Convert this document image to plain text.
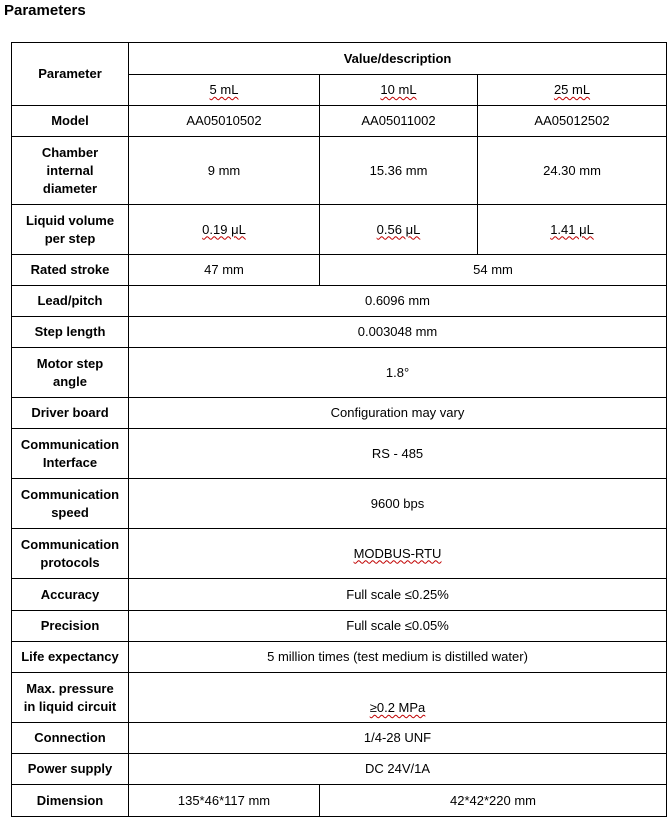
Parameters
Parameter	Value/description		
	5 mL	10 mL	25 mL
Model	AA05010502	AA05011002	AA05012502
Chamber
internal
diameter	9 mm	15.36 mm	24.30 mm
Liquid volume
per step	0.19 μL	0.56 μL	1.41 μL
Rated stroke	47 mm	54 mm	
Lead/pitch	0.6096 mm		
Step length	0.003048 mm		
Motor step
angle	1.8°		
Driver board	Configuration may vary		
Communication
Interface	RS - 485		
Communication
speed	9600 bps		
Communication
protocols	MODBUS-RTU		
Accuracy	Full scale ≤0.25%		
Precision	Full scale ≤0.05%		
Life expectancy	5 million times (test medium is distilled water)		
Max. pressure
in liquid circuit	≥0.2 MPa		
Connection	1/4-28 UNF		
Power supply	DC 24V/1A		
Dimension	135*46*117 mm	42*42*220 mm	
